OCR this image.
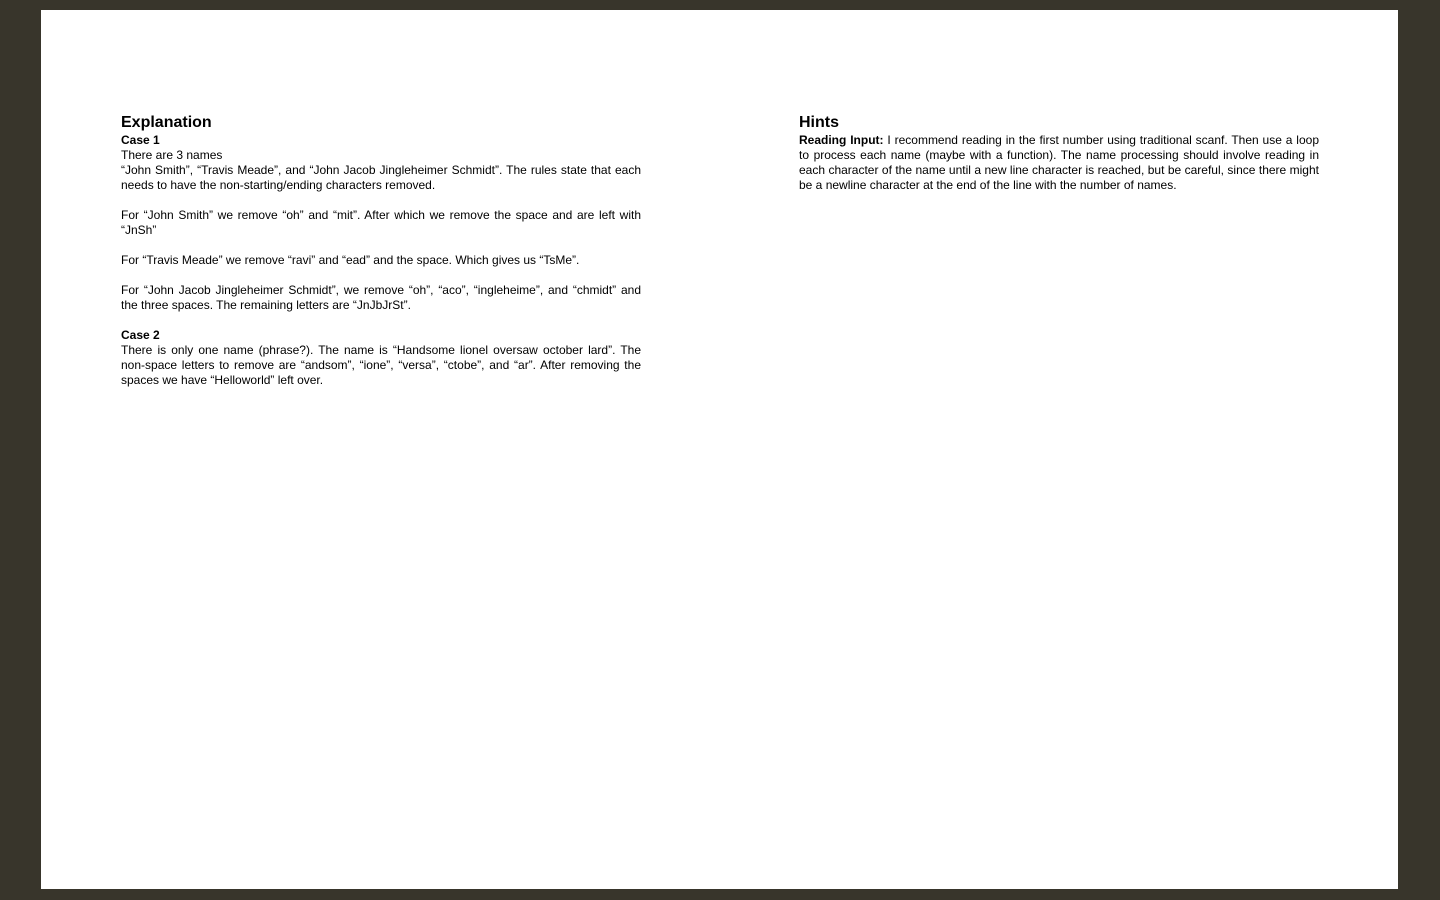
Explanation

Case 1

There are 3 names

“John Smith”, “Travis Meade”, and “John Jacob Jingleheimer Schmidt”. The rules state that each needs to have the non-starting/ending characters removed.

For “John Smith” we remove “oh” and “mit”. After which we remove the space and are left with “JnSh”

For “Travis Meade” we remove “ravi” and “ead” and the space. Which gives us “TsMe”.

For “John Jacob Jingleheimer Schmidt”, we remove “oh”, “aco”, “ingleheime”, and “chmidt” and the three spaces. The remaining letters are “JnJbJrSt”.

Case 2

There is only one name (phrase?). The name is “Handsome lionel oversaw october lard”. The non-space letters to remove are “andsom”, “ione”, “versa”, “ctobe”, and “ar”. After removing the spaces we have “Helloworld” left over.

Hints

Reading Input: I recommend reading in the first number using traditional scanf. Then use a loop to process each name (maybe with a function). The name processing should involve reading in each character of the name until a new line character is reached, but be careful, since there might be a newline character at the end of the line with the number of names.
